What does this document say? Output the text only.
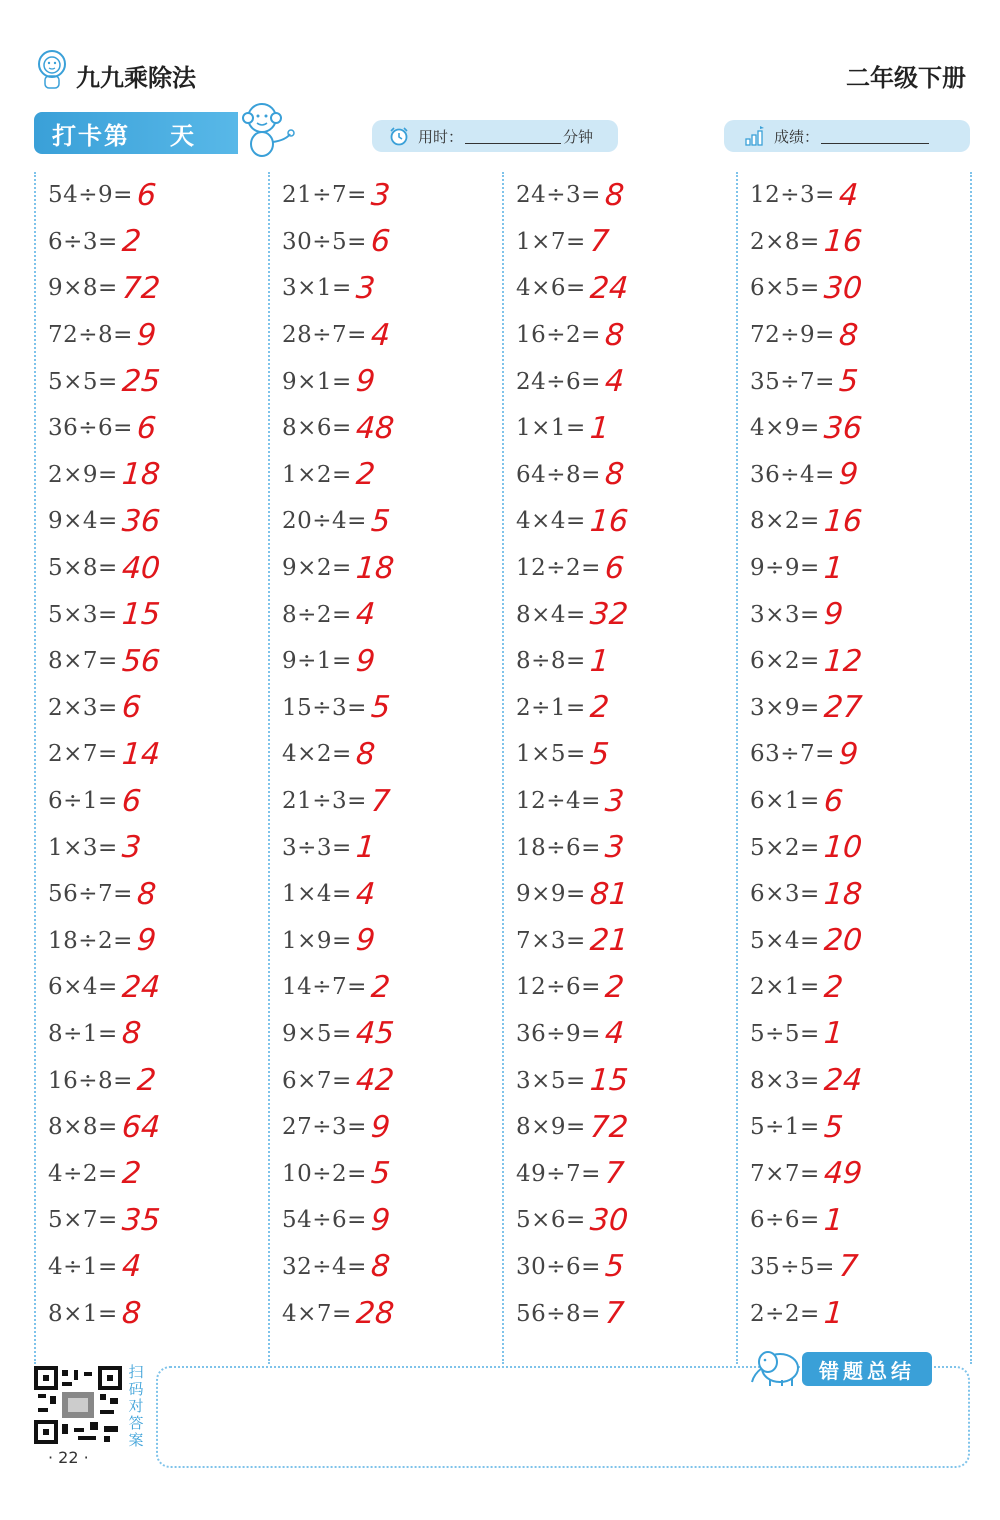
九九乘除法	二年级下册
打卡第 天	用时：	分钟	成绩：
54÷9= 6
6÷3= 2
9×8= 72
72÷8= 9
5×5= 25
36÷6= 6
2×9= 18
9×4= 36
5×8= 40
5×3= 15
8×7= 56
2×3= 6
2×7= 14
6÷1= 6
1×3= 3
56÷7= 8
18÷2= 9
6×4= 24
8÷1= 8
16÷8= 2
8×8= 64
4÷2= 2
5×7= 35
4÷1= 4
8×1= 8
21÷7= 3
30÷5= 6
3×1= 3
28÷7= 4
9×1= 9
8×6= 48
1×2= 2
20÷4= 5
9×2= 18
8÷2= 4
9÷1= 9
15÷3= 5
4×2= 8
21÷3= 7
3÷3= 1
1×4= 4
1×9= 9
14÷7= 2
9×5= 45
6×7= 42
27÷3= 9
10÷2= 5
54÷6= 9
32÷4= 8
4×7= 28
24÷3= 8
1×7= 7
4×6= 24
16÷2= 8
24÷6= 4
1×1= 1
64÷8= 8
4×4= 16
12÷2= 6
8×4= 32
8÷8= 1
2÷1= 2
1×5= 5
12÷4= 3
18÷6= 3
9×9= 81
7×3= 21
12÷6= 2
36÷9= 4
3×5= 15
8×9= 72
49÷7= 7
5×6= 30
30÷6= 5
56÷8= 7
12÷3= 4
2×8= 16
6×5= 30
72÷9= 8
35÷7= 5
4×9= 36
36÷4= 9
8×2= 16
9÷9= 1
3×3= 9
6×2= 12
3×9= 27
63÷7= 9
6×1= 6
5×2= 10
6×3= 18
5×4= 20
2×1= 2
5÷5= 1
8×3= 24
5÷1= 5
7×7= 49
6÷6= 1
35÷5= 7
2÷2= 1
错题总结
扫码对答案
· 22 ·
